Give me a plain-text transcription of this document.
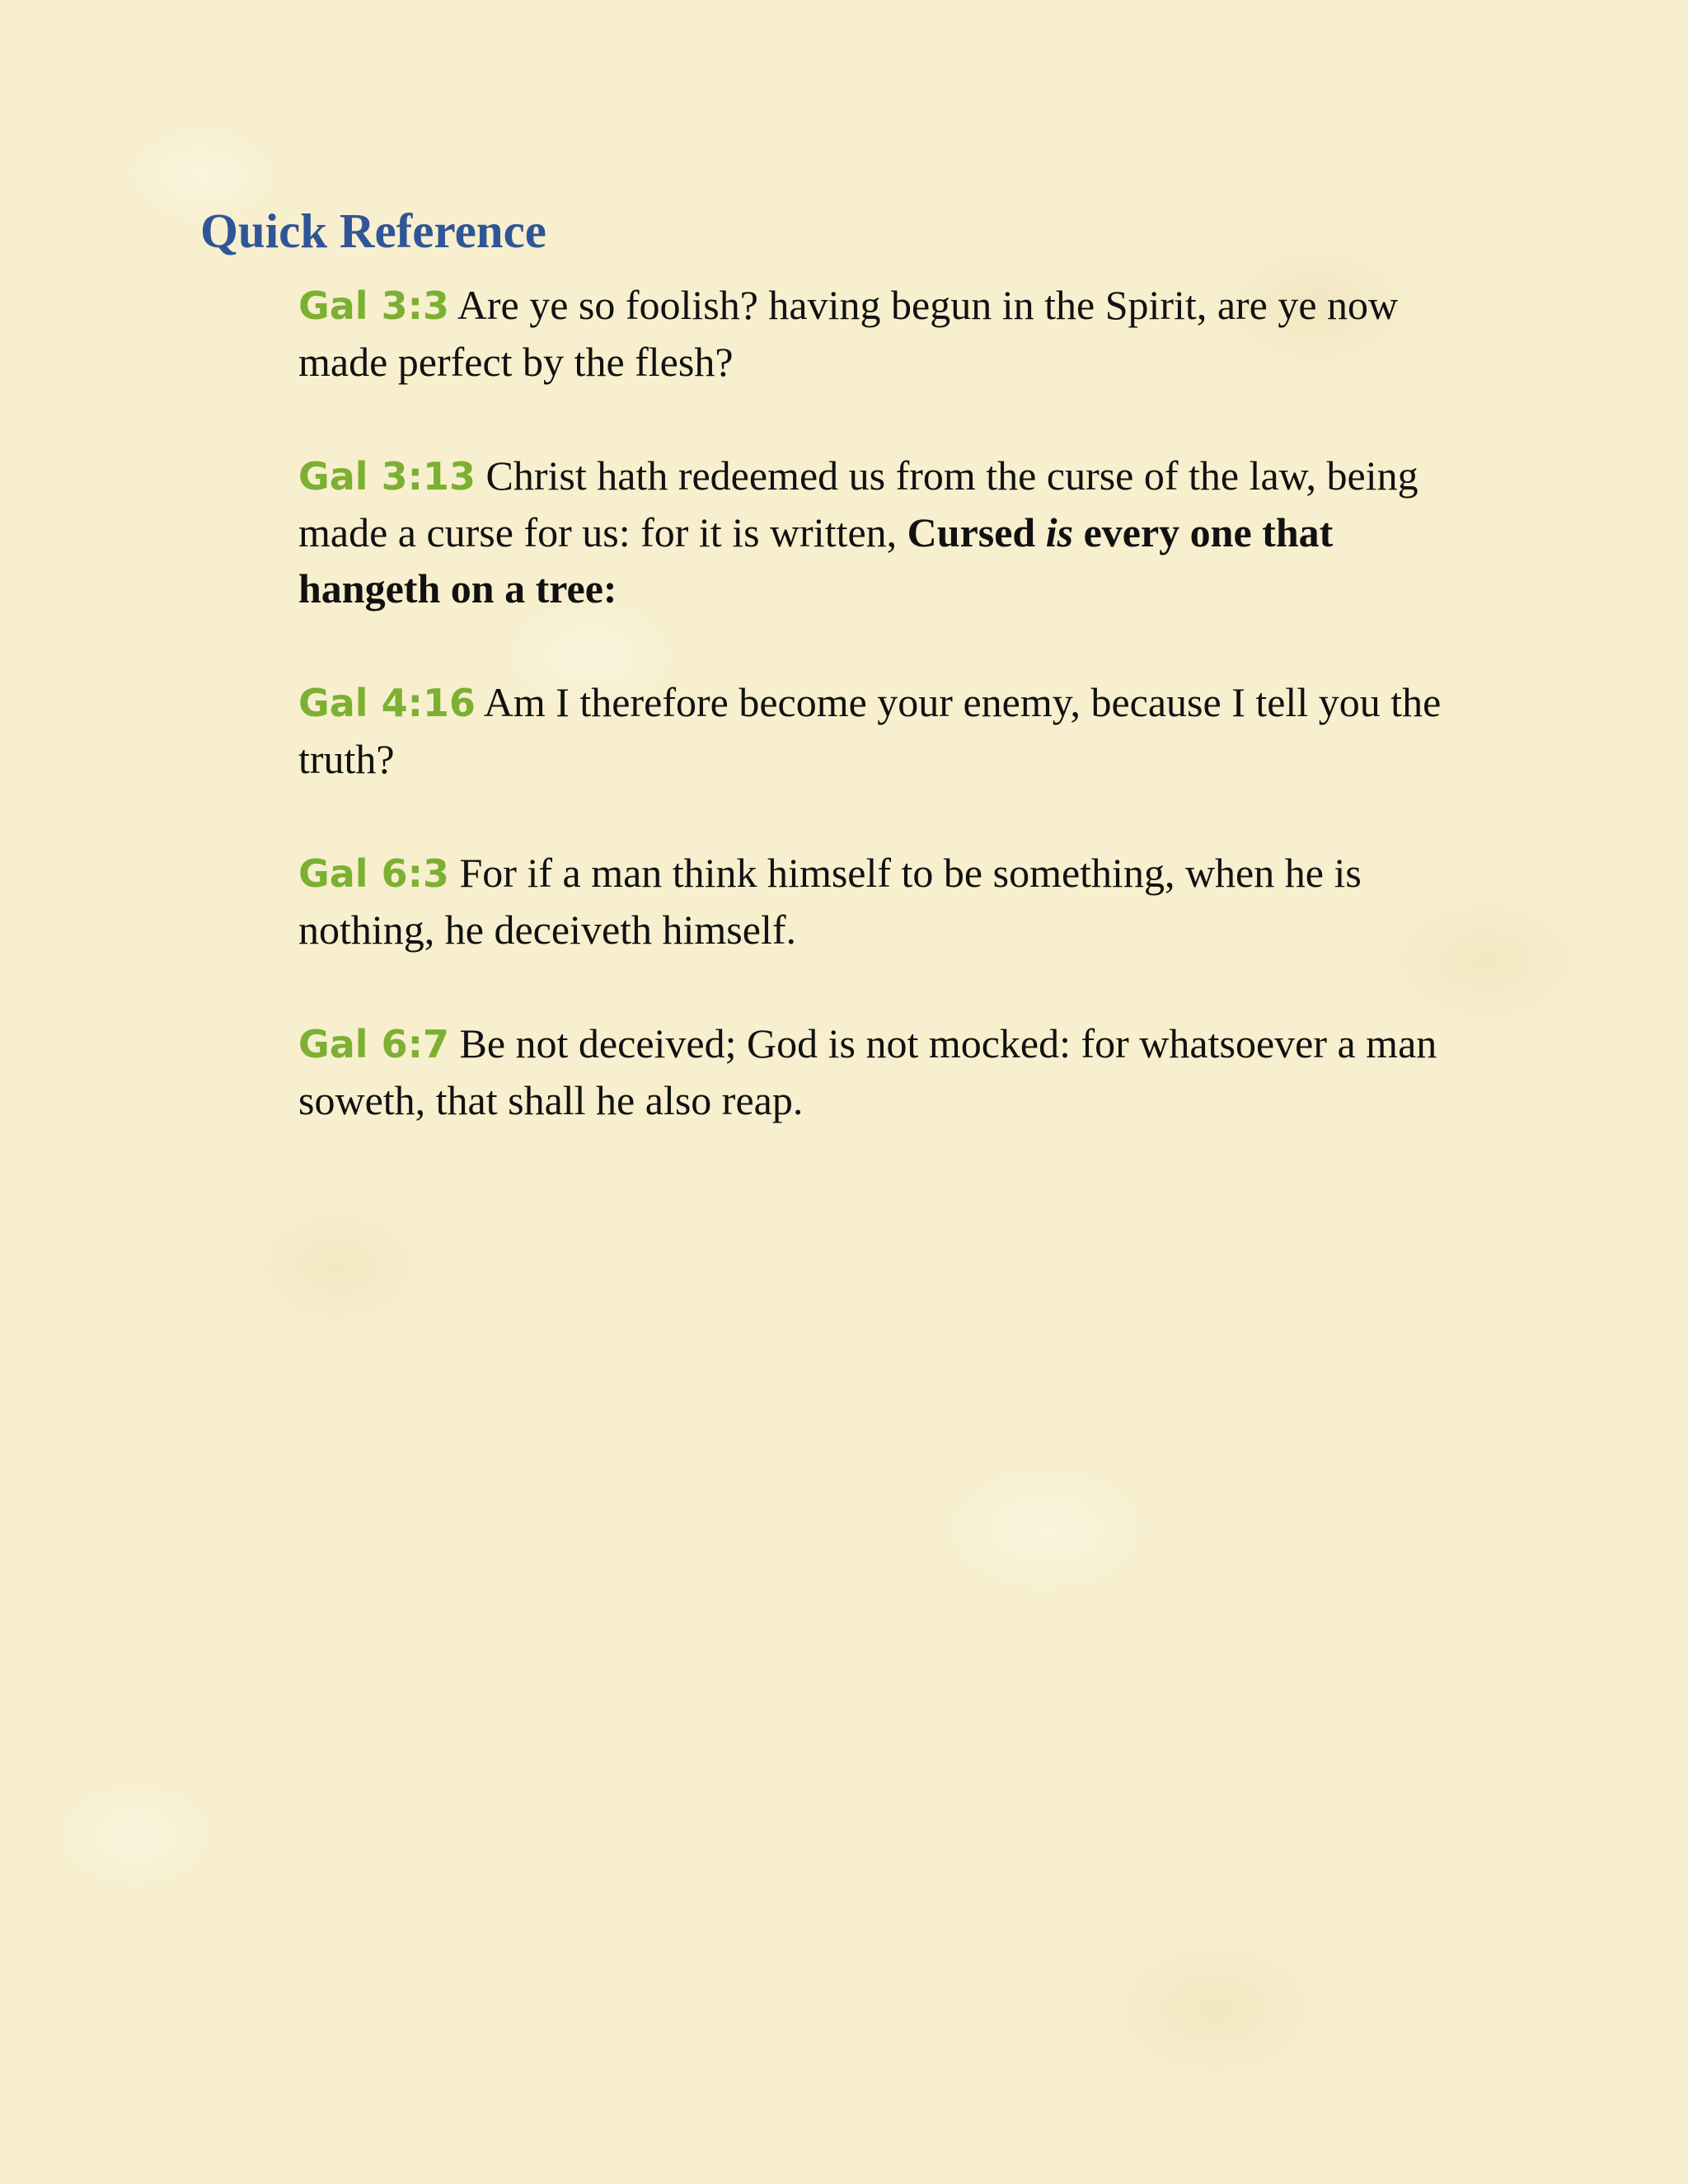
Quick Reference

Gal 3:3 Are ye so foolish? having begun in the Spirit, are ye now made perfect by the flesh?

Gal 3:13 Christ hath redeemed us from the curse of the law, being made a curse for us: for it is written, Cursed is every one that hangeth on a tree:

Gal 4:16 Am I therefore become your enemy, because I tell you the truth?

Gal 6:3 For if a man think himself to be something, when he is nothing, he deceiveth himself.

Gal 6:7 Be not deceived; God is not mocked: for whatsoever a man soweth, that shall he also reap.
